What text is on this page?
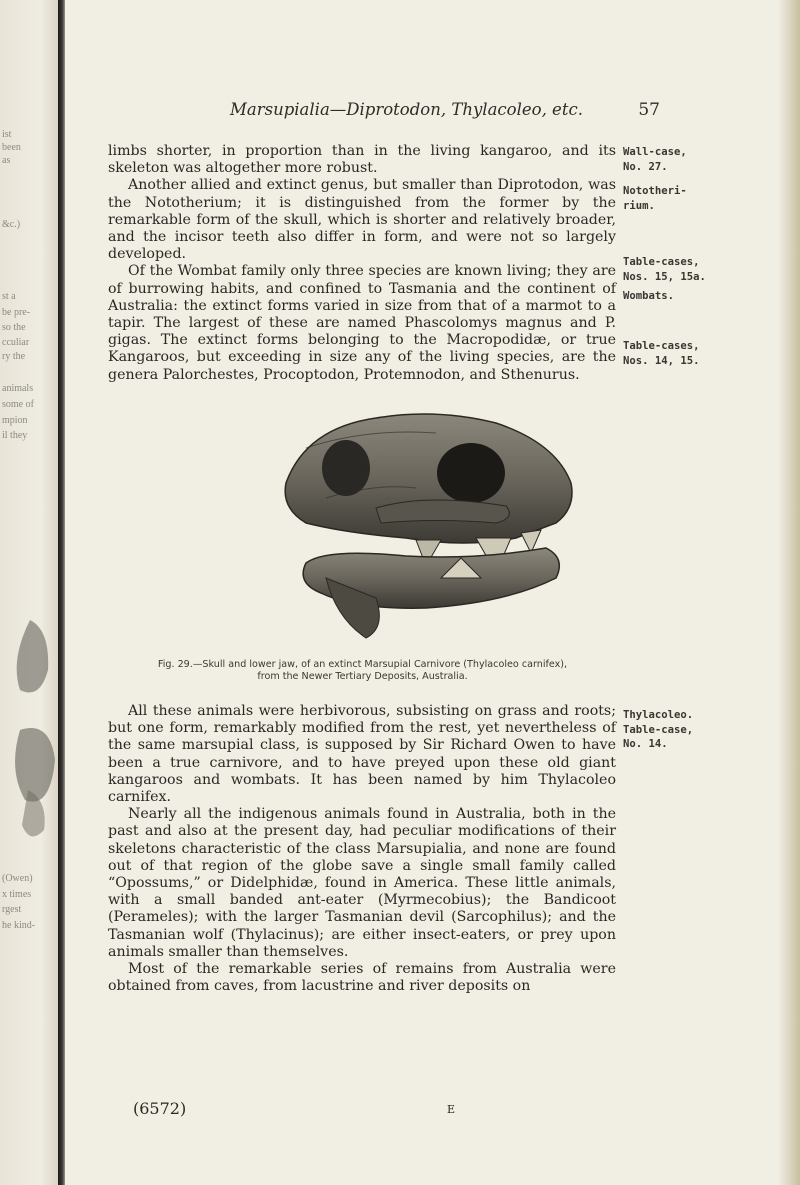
ist
been
as
&c.)
st a
be pre-
so the
cculiar
ry the
animals
some of
mpion
il they
(Owen)
x times
rgest
he kind-
Marsupialia—Diprotodon, Thylacoleo, etc.	57

limbs shorter, in proportion than in the living kangaroo, and its skeleton was altogether more robust.

Another allied and extinct genus, but smaller than Diprotodon, was the Nototherium; it is distinguished from the former by the remarkable form of the skull, which is shorter and relatively broader, and the incisor teeth also differ in form, and were not so largely developed.

Of the Wombat family only three species are known living; they are of burrowing habits, and confined to Tasmania and the continent of Australia: the extinct forms varied in size from that of a marmot to a tapir. The largest of these are named Phascolomys magnus and P. gigas. The extinct forms belonging to the Macropodidæ, or true Kangaroos, but exceeding in size any of the living species, are the genera Palorchestes, Procoptodon, Protemnodon, and Sthenurus.

Wall-case,
No. 27.
Nototheri-
rium.
Table-cases,
Nos. 15, 15a.
Wombats.
Table-cases,
Nos. 14, 15.
Thylacoleo.
Table-case,
No. 14.
Fig. 29.—Skull and lower jaw, of an extinct Marsupial Carnivore (Thylacoleo carnifex),
from the Newer Tertiary Deposits, Australia.

All these animals were herbivorous, subsisting on grass and roots; but one form, remarkably modified from the rest, yet nevertheless of the same marsupial class, is supposed by Sir Richard Owen to have been a true carnivore, and to have preyed upon these old giant kangaroos and wombats. It has been named by him Thylacoleo carnifex.

Nearly all the indigenous animals found in Australia, both in the past and also at the present day, had peculiar modifications of their skeletons characteristic of the class Marsupialia, and none are found out of that region of the globe save a single small family called “Opossums,” or Didelphidæ, found in America. These little animals, with a small banded ant-eater (Myrmecobius); the Bandicoot (Perameles); with the larger Tasmanian devil (Sarcophilus); and the Tasmanian wolf (Thylacinus); are either insect-eaters, or prey upon animals smaller than themselves.

Most of the remarkable series of remains from Australia were obtained from caves, from lacustrine and river deposits on

(6572)	E
